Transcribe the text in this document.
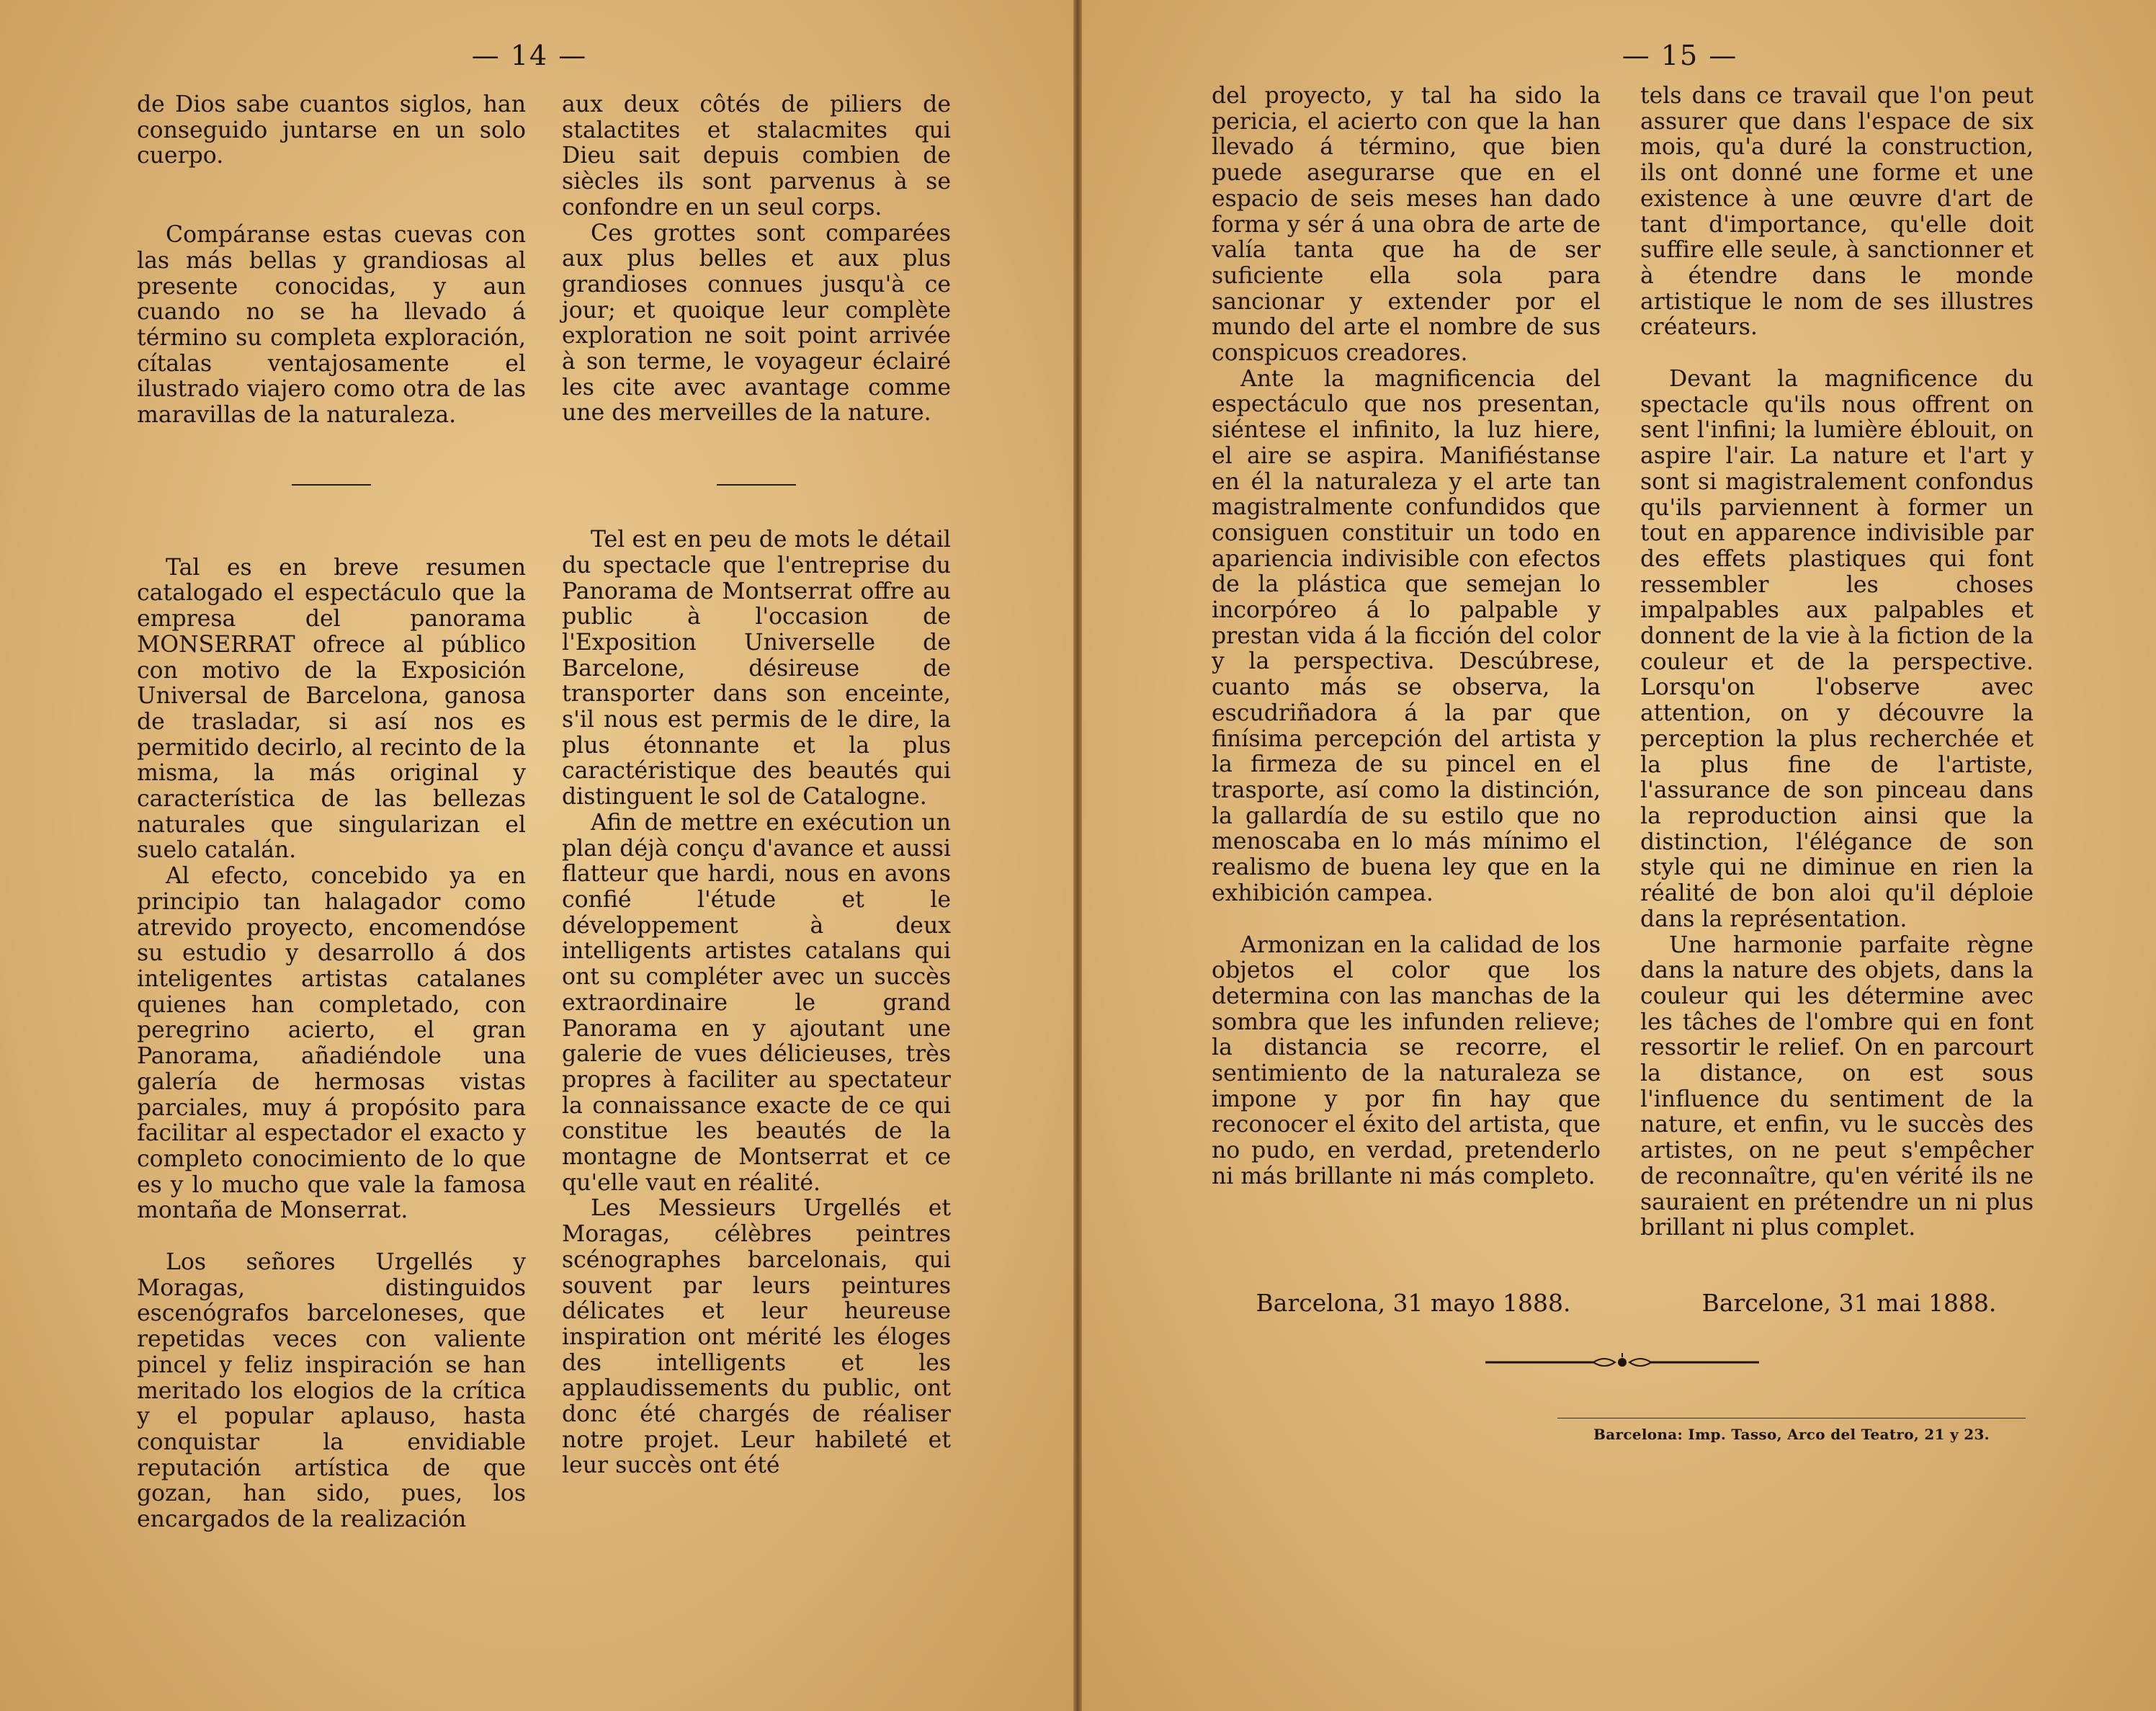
— 14 —

de Dios sabe cuantos siglos, han conseguido juntarse en un solo cuerpo.

Compáranse estas cuevas con las más bellas y grandiosas al presente conocidas, y aun cuando no se ha llevado á término su completa exploración, cítalas ventajosamente el ilustrado viajero como otra de las maravillas de la naturaleza.

Tal es en breve resumen catalogado el espectáculo que la empresa del panorama MONSERRAT ofrece al público con motivo de la Exposición Universal de Barcelona, ganosa de trasladar, si así nos es permitido decirlo, al recinto de la misma, la más original y característica de las bellezas naturales que singularizan el suelo catalán.

Al efecto, concebido ya en principio tan halagador como atrevido proyecto, encomendóse su estudio y desarrollo á dos inteligentes artistas catalanes quienes han completado, con peregrino acierto, el gran Panorama, añadiéndole una galería de hermosas vistas parciales, muy á propósito para facilitar al espectador el exacto y completo conocimiento de lo que es y lo mucho que vale la famosa montaña de Monserrat.

Los señores Urgellés y Moragas, distinguidos escenógrafos barceloneses, que repetidas veces con valiente pincel y feliz inspiración se han meritado los elogios de la crítica y el popular aplauso, hasta conquistar la envidiable reputación artística de que gozan, han sido, pues, los encargados de la realización

aux deux côtés de piliers de stalactites et stalacmites qui Dieu sait depuis combien de siècles ils sont parvenus à se confondre en un seul corps.

Ces grottes sont comparées aux plus belles et aux plus grandioses connues jusqu'à ce jour; et quoique leur complète exploration ne soit point arrivée à son terme, le voyageur éclairé les cite avec avantage comme une des merveilles de la nature.

Tel est en peu de mots le détail du spectacle que l'entreprise du Panorama de Montserrat offre au public à l'occasion de l'Exposition Universelle de Barcelone, désireuse de transporter dans son enceinte, s'il nous est permis de le dire, la plus étonnante et la plus caractéristique des beautés qui distinguent le sol de Catalogne.

Afin de mettre en exécution un plan déjà conçu d'avance et aussi flatteur que hardi, nous en avons confié l'étude et le développement à deux intelligents artistes catalans qui ont su compléter avec un succès extraordinaire le grand Panorama en y ajoutant une galerie de vues délicieuses, très propres à faciliter au spectateur la connaissance exacte de ce qui constitue les beautés de la montagne de Montserrat et ce qu'elle vaut en réalité.

Les Messieurs Urgellés et Moragas, célèbres peintres scénographes barcelonais, qui souvent par leurs peintures délicates et leur heureuse inspiration ont mérité les éloges des intelligents et les applaudissements du public, ont donc été chargés de réaliser notre projet. Leur habileté et leur succès ont été

— 15 —

del proyecto, y tal ha sido la pericia, el acierto con que la han llevado á término, que bien puede asegurarse que en el espacio de seis meses han dado forma y sér á una obra de arte de valía tanta que ha de ser suficiente ella sola para sancionar y extender por el mundo del arte el nombre de sus conspicuos creadores.

Ante la magnificencia del espectáculo que nos presentan, siéntese el infinito, la luz hiere, el aire se aspira. Manifiéstanse en él la naturaleza y el arte tan magistralmente confundidos que consiguen constituir un todo en apariencia indivisible con efectos de la plástica que semejan lo incorpóreo á lo palpable y prestan vida á la ficción del color y la perspectiva. Descúbrese, cuanto más se observa, la escudriñadora á la par que finísima percepción del artista y la firmeza de su pincel en el trasporte, así como la distinción, la gallardía de su estilo que no menoscaba en lo más mínimo el realismo de buena ley que en la exhibición campea.

Armonizan en la calidad de los objetos el color que los determina con las manchas de la sombra que les infunden relieve; la distancia se recorre, el sentimiento de la naturaleza se impone y por fin hay que reconocer el éxito del artista, que no pudo, en verdad, pretenderlo ni más brillante ni más completo.

tels dans ce travail que l'on peut assurer que dans l'espace de six mois, qu'a duré la construction, ils ont donné une forme et une existence à une œuvre d'art de tant d'importance, qu'elle doit suffire elle seule, à sanctionner et à étendre dans le monde artistique le nom de ses illustres créateurs.

Devant la magnificence du spectacle qu'ils nous offrent on sent l'infini; la lumière éblouit, on aspire l'air. La nature et l'art y sont si magistralement confondus qu'ils parviennent à former un tout en apparence indivisible par des effets plastiques qui font ressembler les choses impalpables aux palpables et donnent de la vie à la fiction de la couleur et de la perspective. Lorsqu'on l'observe avec attention, on y découvre la perception la plus recherchée et la plus fine de l'artiste, l'assurance de son pinceau dans la reproduction ainsi que la distinction, l'élégance de son style qui ne diminue en rien la réalité de bon aloi qu'il déploie dans la représentation.

Une harmonie parfaite règne dans la nature des objets, dans la couleur qui les détermine avec les tâches de l'ombre qui en font ressortir le relief. On en parcourt la distance, on est sous l'influence du sentiment de la nature, et enfin, vu le succès des artistes, on ne peut s'empêcher de reconnaître, qu'en vérité ils ne sauraient en prétendre un ni plus brillant ni plus complet.

Barcelona, 31 mayo 1888.	Barcelone, 31 mai 1888.
Barcelona: Imp. Tasso, Arco del Teatro, 21 y 23.
